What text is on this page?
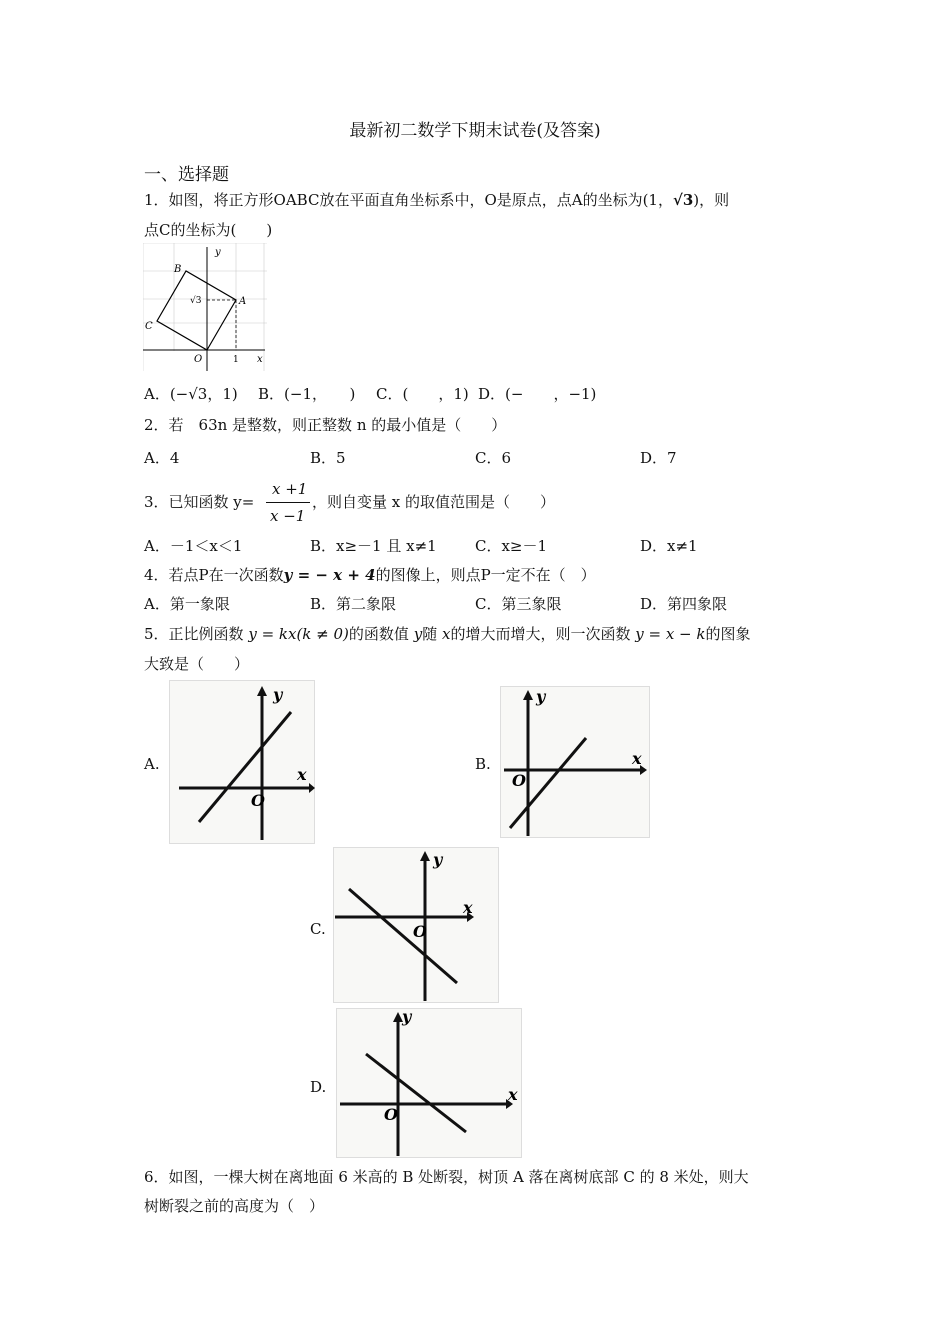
最新初二数学下期末试卷(及答案)
一、选择题
1．如图，将正方形OABC放在平面直角坐标系中，O是原点，点A的坐标为(1，√3)，则
点C的坐标为(　　)
y
x
B
A
C
O	1
√3
A．(−√3，1) B．(−1，　　) C．(　　，1) D．(−　　，−1)
2．若　63n 是整数，则正整数 n 的最小值是（　　）
A．4	B．5	C．6	D．7
3．已知函数 y=
x +1
x −1
，则自变量 x 的取值范围是（　　）
A．－1＜x＜1	B．x≥－1 且 x≠1	C．x≥－1	D．x≠1
4．若点P在一次函数y = − x + 4的图像上，则点P一定不在（　）
A．第一象限	B．第二象限	C．第三象限	D．第四象限
5．正比例函数 y = kx(k ≠ 0)的函数值 y随 x的增大而增大，则一次函数 y = x − k的图象
大致是（　　）
A.
y
x
O
B.
y
x
O
C.
y
x
O
D.
y
x
O
6．如图，一棵大树在离地面 6 米高的 B 处断裂，树顶 A 落在离树底部 C 的 8 米处，则大
树断裂之前的高度为（　）
